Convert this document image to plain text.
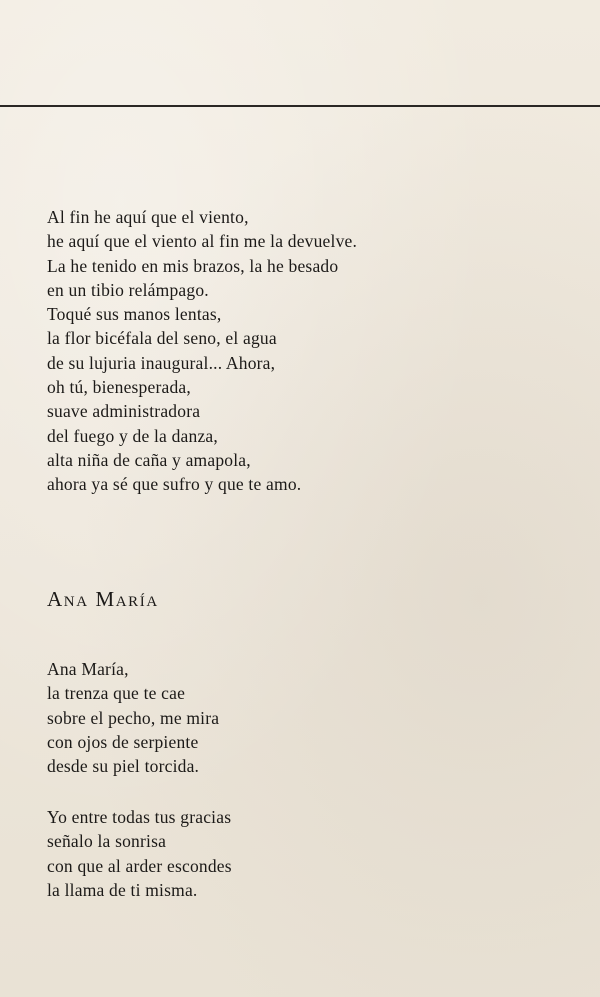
Al fin he aquí que el viento,
he aquí que el viento al fin me la devuelve.
La he tenido en mis brazos, la he besado
en un tibio relámpago.
Toqué sus manos lentas,
la flor bicéfala del seno, el agua
de su lujuria inaugural... Ahora,
oh tú, bienesperada,
suave administradora
del fuego y de la danza,
alta niña de caña y amapola,
ahora ya sé que sufro y que te amo.
Ana María
Ana María,
la trenza que te cae
sobre el pecho, me mira
con ojos de serpiente
desde su piel torcida.
Yo entre todas tus gracias
señalo la sonrisa
con que al arder escondes
la llama de ti misma.
